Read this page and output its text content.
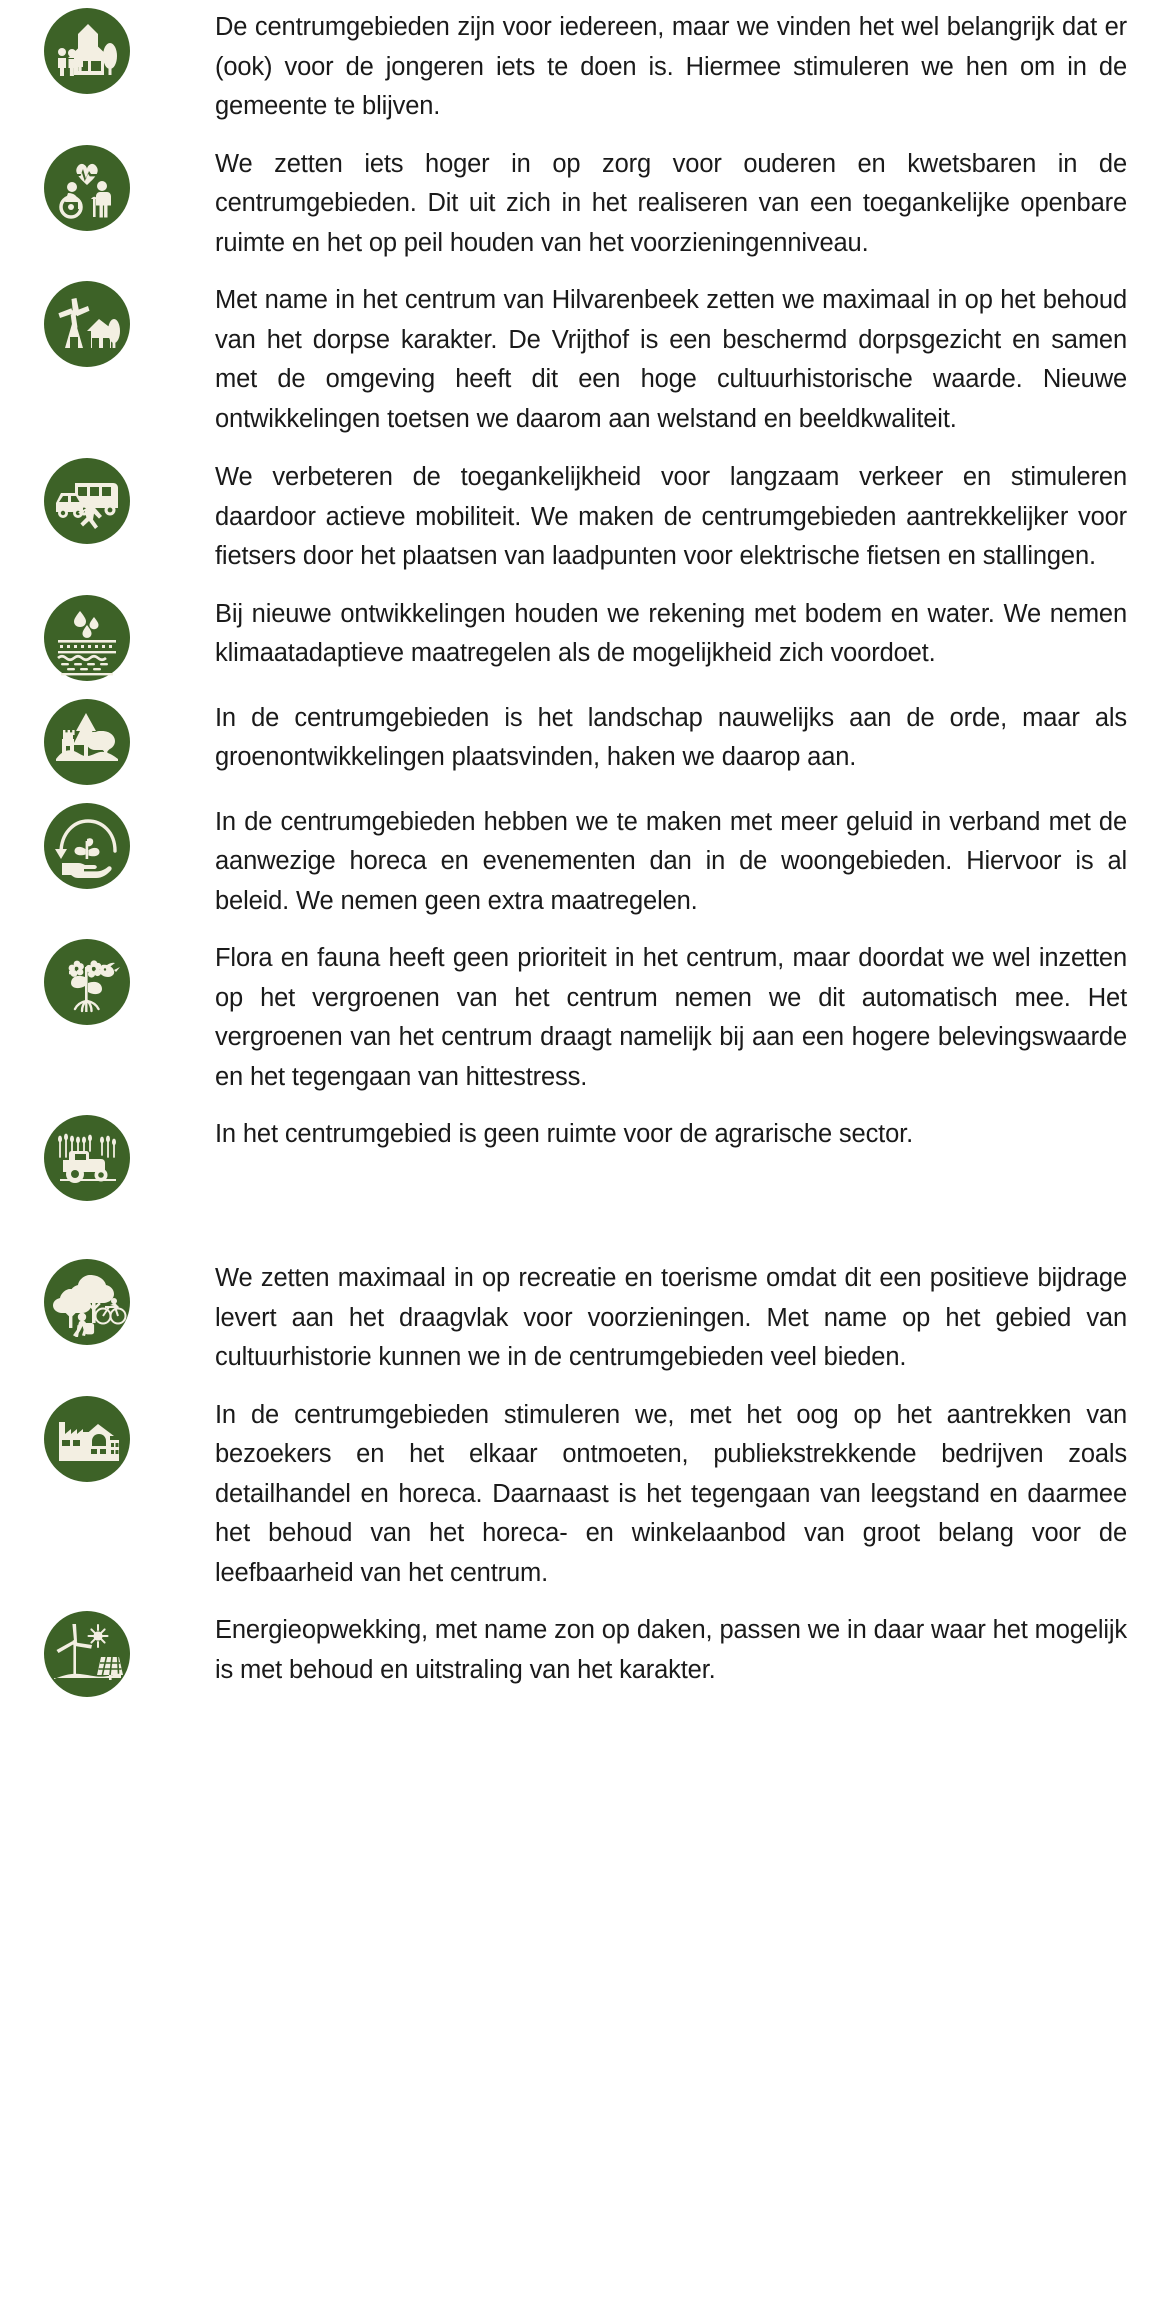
De centrumgebieden zijn voor iedereen, maar we vinden het wel belangrijk dat er (ook) voor de jongeren iets te doen is. Hiermee stimuleren we hen om in de gemeente te blijven.

We zetten iets hoger in op zorg voor ouderen en kwetsbaren in de centrumgebieden. Dit uit zich in het realiseren van een toegankelijke openbare ruimte en het op peil houden van het voorzieningenniveau.

Met name in het centrum van Hilvarenbeek zetten we maximaal in op het behoud van het dorpse karakter. De Vrijthof is een beschermd dorpsgezicht en samen met de omgeving heeft dit een hoge cultuurhistorische waarde. Nieuwe ontwikkelingen toetsen we daarom aan welstand en beeldkwaliteit.

We verbeteren de toegankelijkheid voor langzaam verkeer en stimuleren daardoor actieve mobiliteit. We maken de centrumgebieden aantrekkelijker voor fietsers door het plaatsen van laadpunten voor elektrische fietsen en stallingen.

Bij nieuwe ontwikkelingen houden we rekening met bodem en water. We nemen klimaatadaptieve maatregelen als de mogelijkheid zich voordoet.

In de centrumgebieden is het landschap nauwelijks aan de orde, maar als groenontwikkelingen plaatsvinden, haken we daarop aan.

In de centrumgebieden hebben we te maken met meer geluid in verband met de aanwezige horeca en evenementen dan in de woongebieden. Hiervoor is al beleid. We nemen geen extra maatregelen.

Flora en fauna heeft geen prioriteit in het centrum, maar doordat we wel inzetten op het vergroenen van het centrum nemen we dit automatisch mee. Het vergroenen van het centrum draagt namelijk bij aan een hogere belevingswaarde en het tegengaan van hittestress.

In het centrumgebied is geen ruimte voor de agrarische sector.

We zetten maximaal in op recreatie en toerisme omdat dit een positieve bijdrage levert aan het draagvlak voor voorzieningen. Met name op het gebied van cultuurhistorie kunnen we in de centrumgebieden veel bieden.

In de centrumgebieden stimuleren we, met het oog op het aantrekken van bezoekers en het elkaar ontmoeten, publiekstrekkende bedrijven zoals detailhandel en horeca. Daarnaast is het tegengaan van leegstand en daarmee het behoud van het horeca- en winkelaanbod van groot belang voor de leefbaarheid van het centrum.

Energieopwekking, met name zon op daken, passen we in daar waar het mogelijk is met behoud en uitstraling van het karakter.
